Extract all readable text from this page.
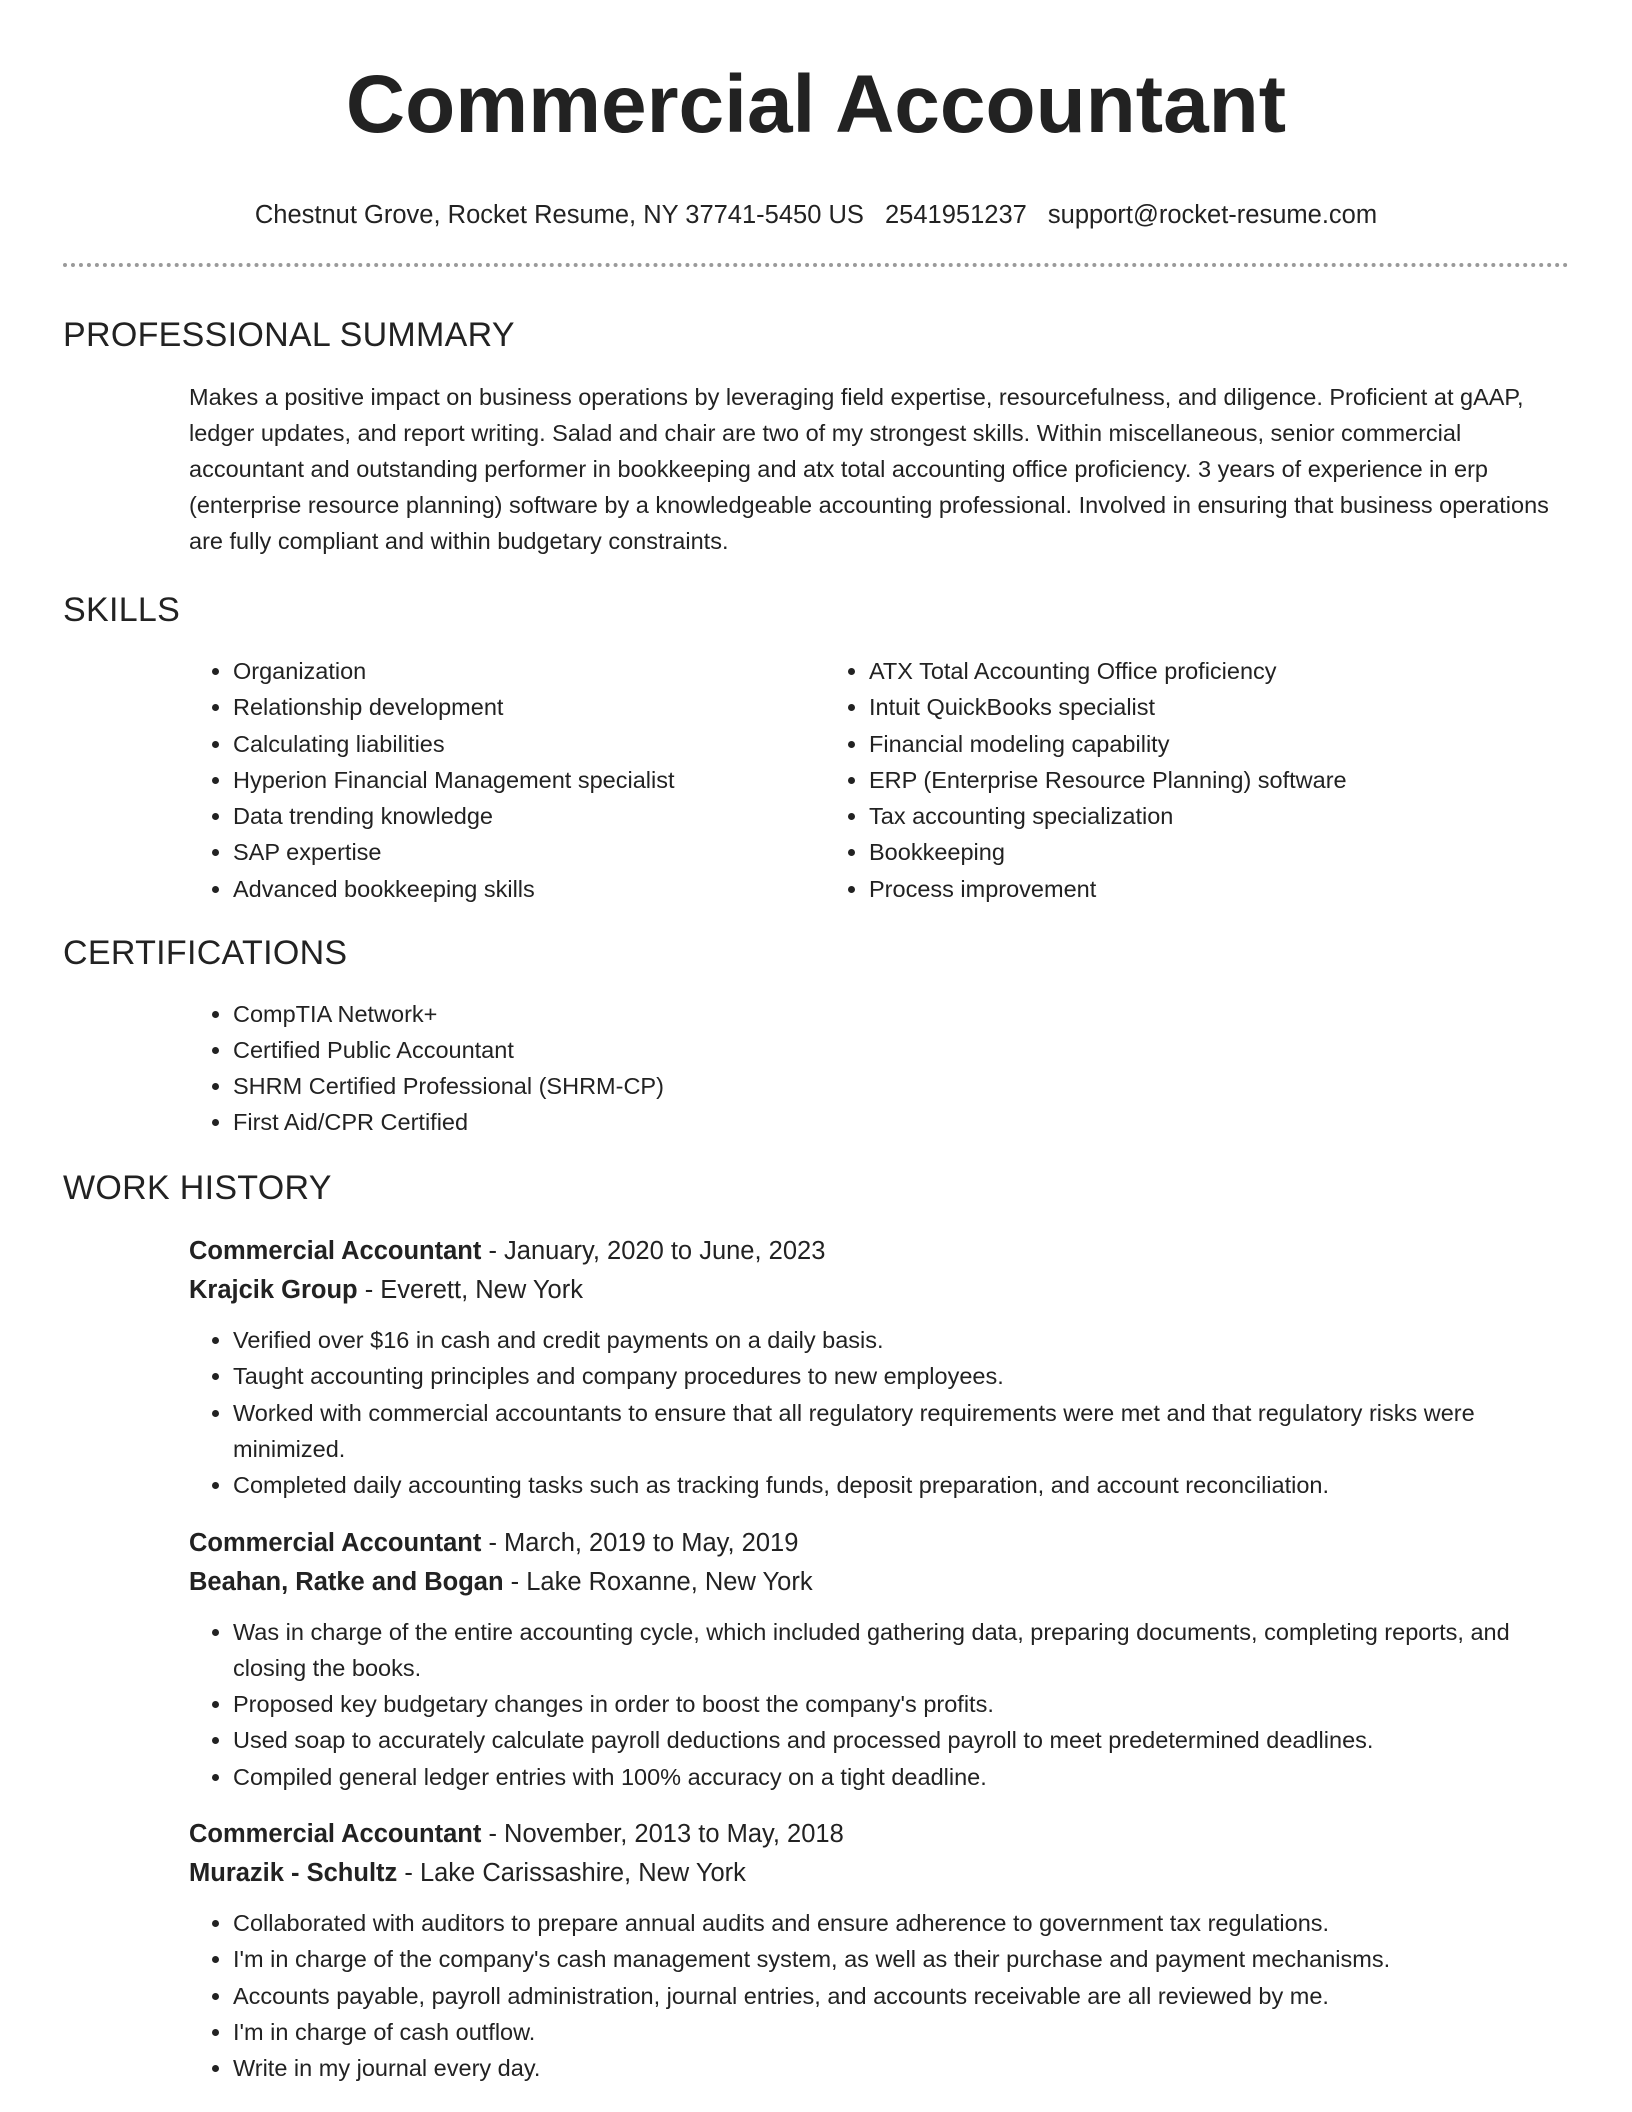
Commercial Accountant
Chestnut Grove, Rocket Resume, NY 37741-5450 US 2541951237 support@rocket-resume.com
PROFESSIONAL SUMMARY

Makes a positive impact on business operations by leveraging field expertise, resourcefulness, and diligence. Proficient at gAAP, ledger updates, and report writing. Salad and chair are two of my strongest skills. Within miscellaneous, senior commercial accountant and outstanding performer in bookkeeping and atx total accounting office proficiency. 3 years of experience in erp (enterprise resource planning) software by a knowledgeable accounting professional. Involved in ensuring that business operations are fully compliant and within budgetary constraints.

SKILLS
• Organization
• Relationship development
• Calculating liabilities
• Hyperion Financial Management specialist
• Data trending knowledge
• SAP expertise
• Advanced bookkeeping skills
• ATX Total Accounting Office proficiency
• Intuit QuickBooks specialist
• Financial modeling capability
• ERP (Enterprise Resource Planning) software
• Tax accounting specialization
• Bookkeeping
• Process improvement
CERTIFICATIONS
• CompTIA Network+
• Certified Public Accountant
• SHRM Certified Professional (SHRM-CP)
• First Aid/CPR Certified
WORK HISTORY
Commercial Accountant - January, 2020 to June, 2023
Krajcik Group - Everett, New York
• Verified over $16 in cash and credit payments on a daily basis.
• Taught accounting principles and company procedures to new employees.
• Worked with commercial accountants to ensure that all regulatory requirements were met and that regulatory risks were minimized.
• Completed daily accounting tasks such as tracking funds, deposit preparation, and account reconciliation.
Commercial Accountant - March, 2019 to May, 2019
Beahan, Ratke and Bogan - Lake Roxanne, New York
• Was in charge of the entire accounting cycle, which included gathering data, preparing documents, completing reports, and closing the books.
• Proposed key budgetary changes in order to boost the company's profits.
• Used soap to accurately calculate payroll deductions and processed payroll to meet predetermined deadlines.
• Compiled general ledger entries with 100% accuracy on a tight deadline.
Commercial Accountant - November, 2013 to May, 2018
Murazik - Schultz - Lake Carissashire, New York
• Collaborated with auditors to prepare annual audits and ensure adherence to government tax regulations.
• I'm in charge of the company's cash management system, as well as their purchase and payment mechanisms.
• Accounts payable, payroll administration, journal entries, and accounts receivable are all reviewed by me.
• I'm in charge of cash outflow.
• Write in my journal every day.
